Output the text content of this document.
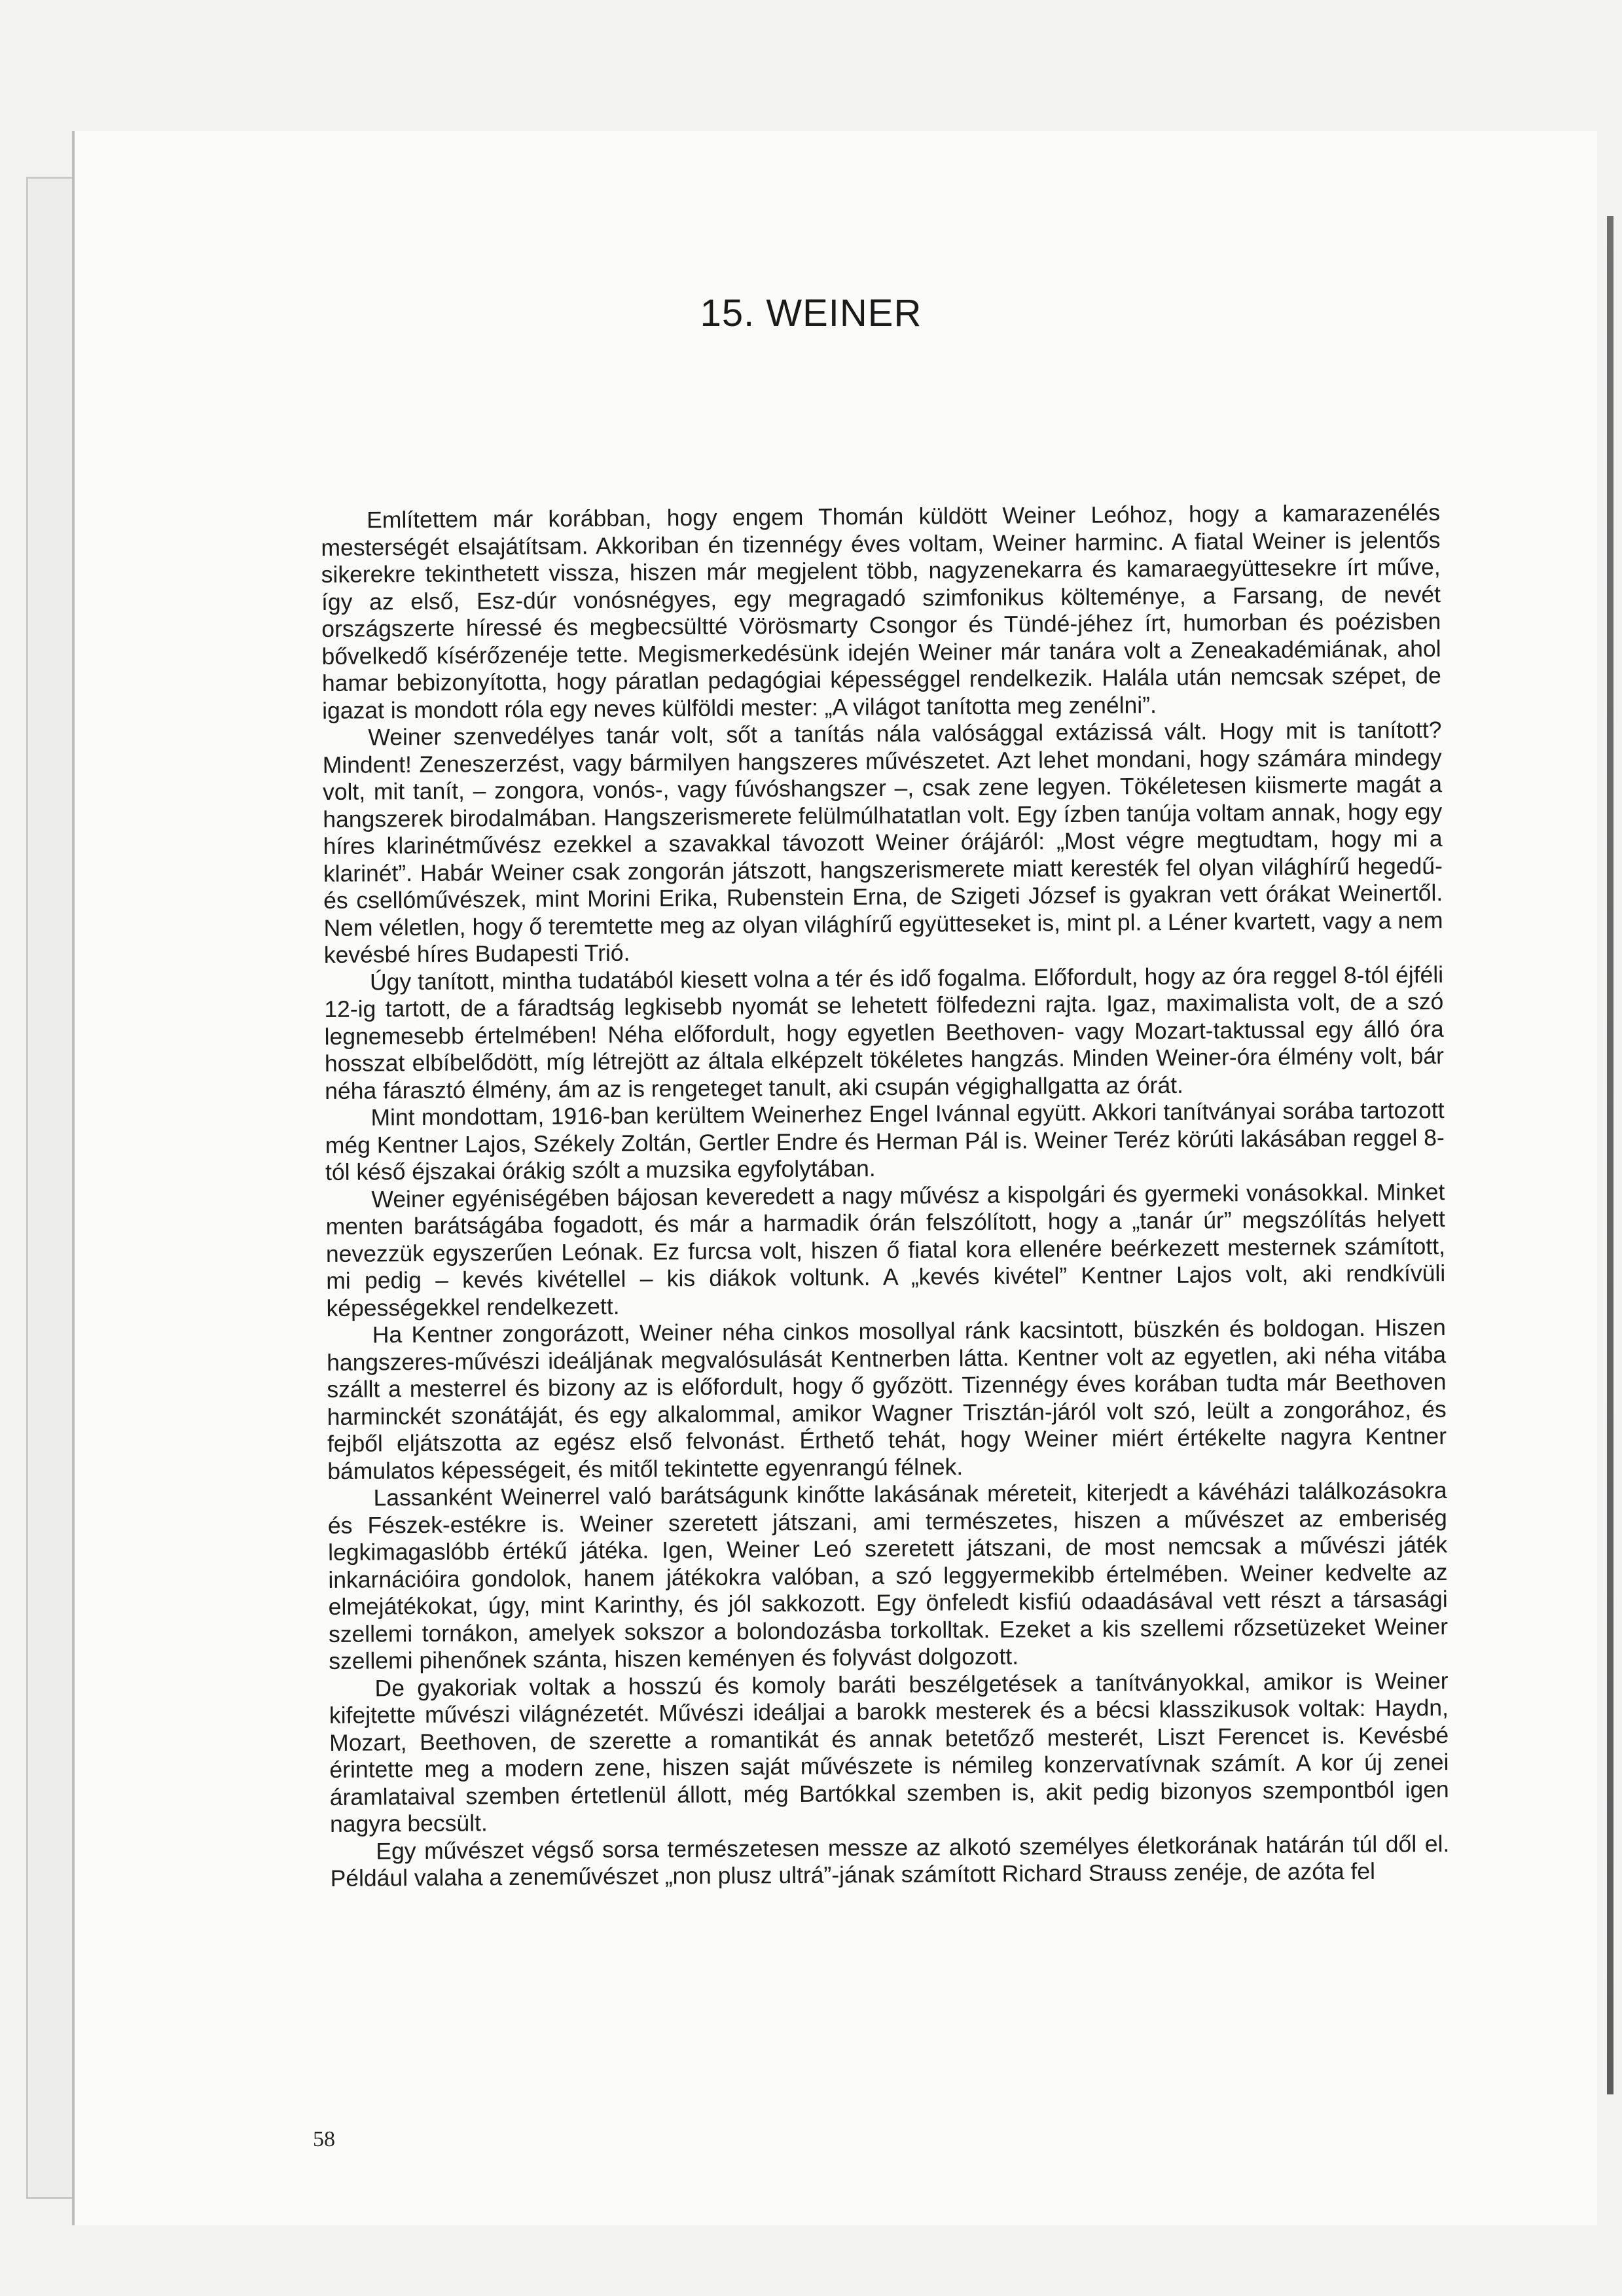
15. WEINER

Említettem már korábban, hogy engem Thomán küldött Weiner Leóhoz, hogy a kamarazenélés mesterségét elsajátítsam. Akkoriban én tizennégy éves voltam, Weiner harminc. A fiatal Weiner is jelentős sikerekre tekinthetett vissza, hiszen már megjelent több, nagyzenekarra és kamaraegyüttesekre írt műve, így az első, Esz-dúr vonósnégyes, egy megragadó szimfonikus költeménye, a Farsang, de nevét országszerte híressé és megbecsültté Vörösmarty Csongor és Tündé-jéhez írt, humorban és poézisben bővelkedő kísérőzenéje tette. Megismerkedésünk idején Weiner már tanára volt a Zeneakadémiának, ahol hamar bebizonyította, hogy páratlan pedagógiai képességgel rendelkezik. Halála után nemcsak szépet, de igazat is mondott róla egy neves külföldi mester: „A világot tanította meg zenélni”.

Weiner szenvedélyes tanár volt, sőt a tanítás nála valósággal extázissá vált. Hogy mit is tanított? Mindent! Zeneszerzést, vagy bármilyen hangszeres művészetet. Azt lehet mondani, hogy számára mindegy volt, mit tanít, – zongora, vonós-, vagy fúvóshangszer –, csak zene legyen. Tökéletesen kiismerte magát a hangszerek birodalmában. Hangszerismerete felülmúlhatatlan volt. Egy ízben tanúja voltam annak, hogy egy híres klarinétművész ezekkel a szavakkal távozott Weiner órájáról: „Most végre megtudtam, hogy mi a klarinét”. Habár Weiner csak zongorán játszott, hangszerismerete miatt keresték fel olyan világhírű hegedű- és csellóművészek, mint Morini Erika, Rubenstein Erna, de Szigeti József is gyakran vett órákat Weinertől. Nem véletlen, hogy ő teremtette meg az olyan világhírű együtteseket is, mint pl. a Léner kvartett, vagy a nem kevésbé híres Budapesti Trió.

Úgy tanított, mintha tudatából kiesett volna a tér és idő fogalma. Előfordult, hogy az óra reggel 8-tól éjféli 12-ig tartott, de a fáradtság legkisebb nyomát se lehetett fölfedezni rajta. Igaz, maximalista volt, de a szó legnemesebb értelmében! Néha előfordult, hogy egyetlen Beethoven- vagy Mozart-taktussal egy álló óra hosszat elbíbelődött, míg létrejött az általa elképzelt tökéletes hangzás. Minden Weiner-óra élmény volt, bár néha fárasztó élmény, ám az is rengeteget tanult, aki csupán végighallgatta az órát.

Mint mondottam, 1916-ban kerültem Weinerhez Engel Ivánnal együtt. Akkori tanítványai sorába tartozott még Kentner Lajos, Székely Zoltán, Gertler Endre és Herman Pál is. Weiner Teréz körúti lakásában reggel 8-tól késő éjszakai órákig szólt a muzsika egyfolytában.

Weiner egyéniségében bájosan keveredett a nagy művész a kispolgári és gyermeki vonásokkal. Minket menten barátságába fogadott, és már a harmadik órán felszólított, hogy a „tanár úr” megszólítás helyett nevezzük egyszerűen Leónak. Ez furcsa volt, hiszen ő fiatal kora ellenére beérkezett mesternek számított, mi pedig – kevés kivétellel – kis diákok voltunk. A „kevés kivétel” Kentner Lajos volt, aki rendkívüli képességekkel rendelkezett.

Ha Kentner zongorázott, Weiner néha cinkos mosollyal ránk kacsintott, büszkén és boldogan. Hiszen hangszeres-művészi ideáljának megvalósulását Kentnerben látta. Kentner volt az egyetlen, aki néha vitába szállt a mesterrel és bizony az is előfordult, hogy ő győzött. Tizennégy éves korában tudta már Beethoven harminckét szonátáját, és egy alkalommal, amikor Wagner Trisztán-járól volt szó, leült a zongorához, és fejből eljátszotta az egész első felvonást. Érthető tehát, hogy Weiner miért értékelte nagyra Kentner bámulatos képességeit, és mitől tekintette egyenrangú félnek.

Lassanként Weinerrel való barátságunk kinőtte lakásának méreteit, kiterjedt a kávéházi találkozásokra és Fészek-estékre is. Weiner szeretett játszani, ami természetes, hiszen a művészet az emberiség legkimagaslóbb értékű játéka. Igen, Weiner Leó szeretett játszani, de most nemcsak a művészi játék inkarnációira gondolok, hanem játékokra valóban, a szó leggyermekibb értelmében. Weiner kedvelte az elmejátékokat, úgy, mint Karinthy, és jól sakkozott. Egy önfeledt kisfiú odaadásával vett részt a társasági szellemi tornákon, amelyek sokszor a bolondozásba torkolltak. Ezeket a kis szellemi rőzsetüzeket Weiner szellemi pihenőnek szánta, hiszen keményen és folyvást dolgozott.

De gyakoriak voltak a hosszú és komoly baráti beszélgetések a tanítványokkal, amikor is Weiner kifejtette művészi világnézetét. Művészi ideáljai a barokk mesterek és a bécsi klasszikusok voltak: Haydn, Mozart, Beethoven, de szerette a romantikát és annak betetőző mesterét, Liszt Ferencet is. Kevésbé érintette meg a modern zene, hiszen saját művészete is némileg konzervatívnak számít. A kor új zenei áramlataival szemben értetlenül állott, még Bartókkal szemben is, akit pedig bizonyos szempontból igen nagyra becsült.

Egy művészet végső sorsa természetesen messze az alkotó személyes életkorának határán túl dől el. Például valaha a zeneművészet „non plusz ultrá”-jának számított Richard Strauss zenéje, de azóta fel

58
